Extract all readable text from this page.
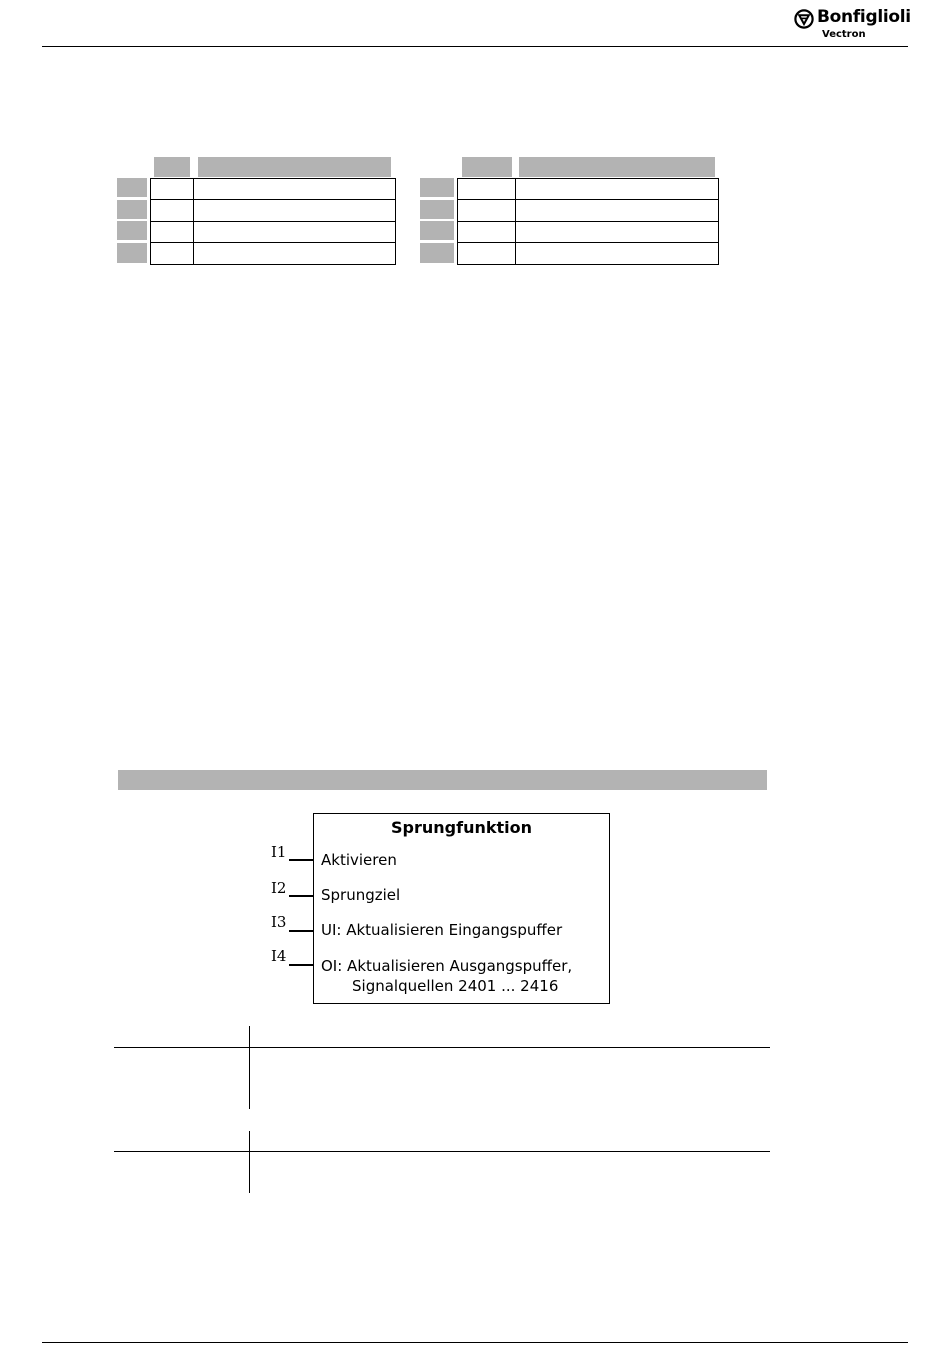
Bonfiglioli
Vectron
Sprungfunktion
Aktivieren
Sprungziel
UI: Aktualisieren Eingangspuffer
OI: Aktualisieren Ausgangspuffer,
Signalquellen 2401 ... 2416
I1
I2
I3
I4
